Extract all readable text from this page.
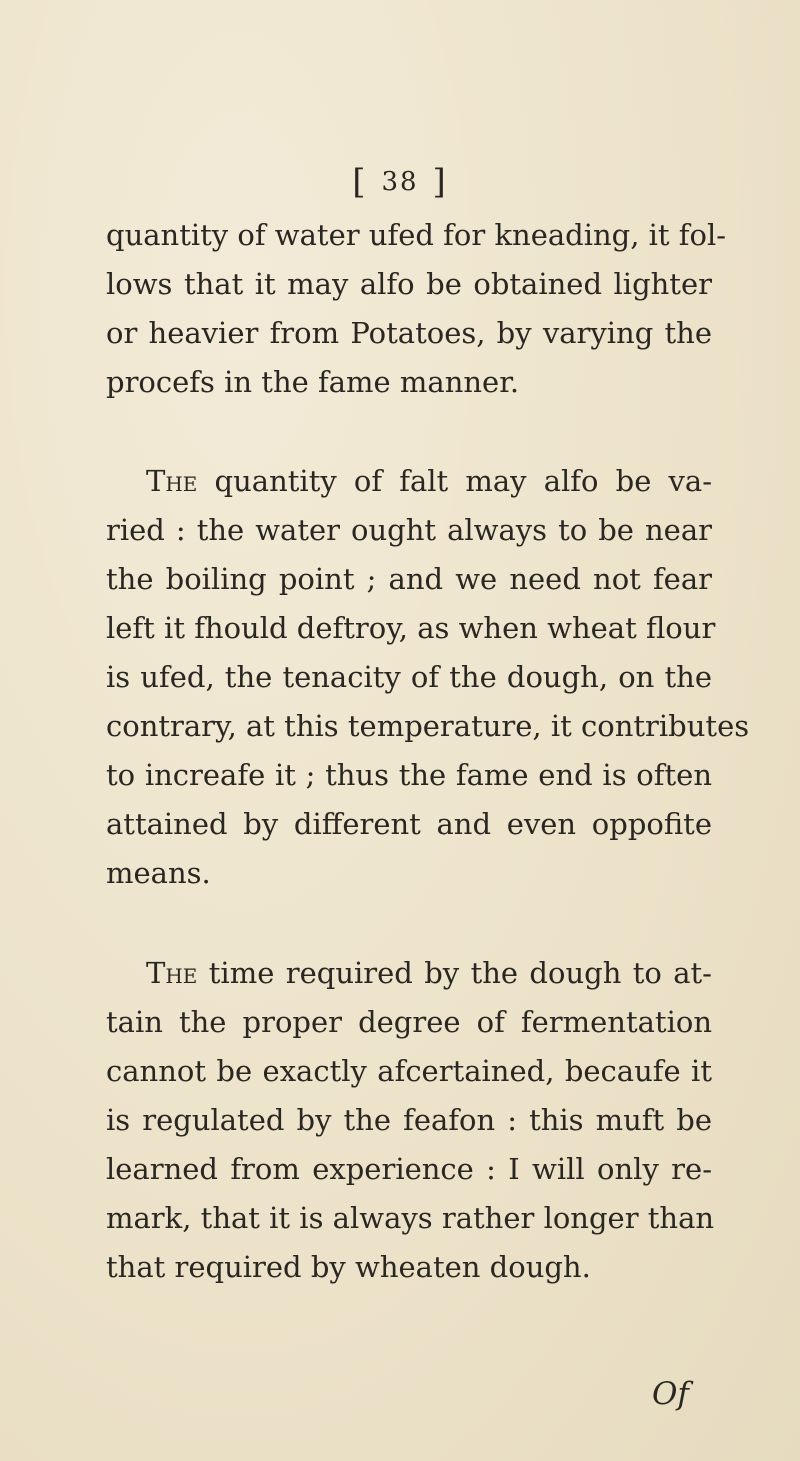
[ 38 ]
quantity of water ufed for kneading, it fol-
lows that it may alfo be obtained lighter
or heavier from Potatoes, by varying the
procefs in the fame manner.
The quantity of falt may alfo be va-
ried : the water ought always to be near
the boiling point ; and we need not fear
left it fhould deftroy, as when wheat flour
is ufed, the tenacity of the dough, on the
contrary, at this temperature, it contributes
to increafe it ; thus the fame end is often
attained by different and even oppofite
means.
The time required by the dough to at-
tain the proper degree of fermentation
cannot be exactly afcertained, becaufe it
is regulated by the feafon : this muft be
learned from experience : I will only re-
mark, that it is always rather longer than
that required by wheaten dough.
Of
